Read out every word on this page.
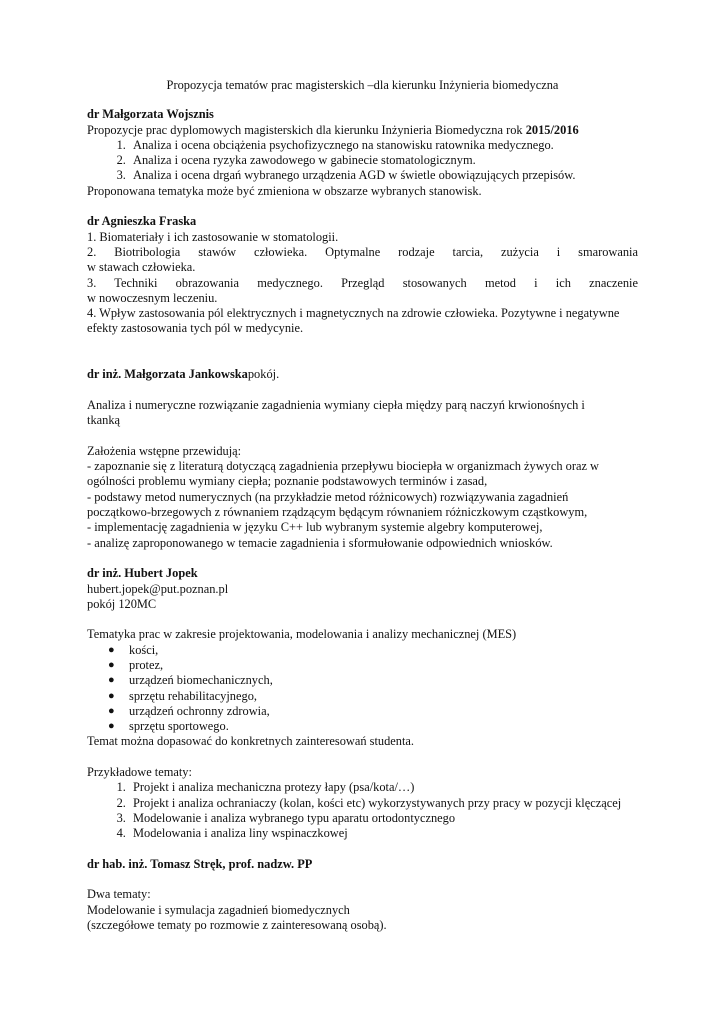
Propozycja tematów prac magisterskich –dla kierunku Inżynieria biomedyczna

dr Małgorzata Wojsznis

Propozycje prac dyplomowych magisterskich dla kierunku Inżynieria Biomedyczna rok 2015/2016

1. Analiza i ocena obciążenia psychofizycznego na stanowisku ratownika medycznego.
2. Analiza i ocena ryzyka zawodowego w gabinecie stomatologicznym.
3. Analiza i ocena drgań wybranego urządzenia AGD w świetle obowiązujących przepisów.

Proponowana tematyka może być zmieniona w obszarze wybranych stanowisk.

dr Agnieszka Fraska

1. Biomateriały i ich zastosowanie w stomatologii.

2. Biotribologia stawów człowieka. Optymalne rodzaje tarcia, zużycia i smarowania

w stawach człowieka.

3. Techniki obrazowania medycznego. Przegląd stosowanych metod i ich znaczenie

w nowoczesnym leczeniu.

4. Wpływ zastosowania pól elektrycznych i magnetycznych na zdrowie człowieka. Pozytywne i negatywne

efekty zastosowania tych pól w medycynie.

dr inż. Małgorzata Jankowskapokój.

Analiza i numeryczne rozwiązanie zagadnienia wymiany ciepła między parą naczyń krwionośnych i

tkanką

Założenia wstępne przewidują:

- zapoznanie się z literaturą dotyczącą zagadnienia przepływu biociepła w organizmach żywych oraz w

ogólności problemu wymiany ciepła; poznanie podstawowych terminów i zasad,

- podstawy metod numerycznych (na przykładzie metod różnicowych) rozwiązywania zagadnień

początkowo-brzegowych z równaniem rządzącym będącym równaniem różniczkowym cząstkowym,

- implementację zagadnienia w języku C++ lub wybranym systemie algebry komputerowej,

- analizę zaproponowanego w temacie zagadnienia i sformułowanie odpowiednich wniosków.

dr inż. Hubert Jopek

hubert.jopek@put.poznan.pl

pokój 120MC

Tematyka prac w zakresie projektowania, modelowania i analizy mechanicznej (MES)

● kości,
● protez,
● urządzeń biomechanicznych,
● sprzętu rehabilitacyjnego,
● urządzeń ochronny zdrowia,
● sprzętu sportowego.

Temat można dopasować do konkretnych zainteresowań studenta.

Przykładowe tematy:

1. Projekt i analiza mechaniczna protezy łapy (psa/kota/…)
2. Projekt i analiza ochraniaczy (kolan, kości etc) wykorzystywanych przy pracy w pozycji klęczącej
3. Modelowanie i analiza wybranego typu aparatu ortodontycznego
4. Modelowania i analiza liny wspinaczkowej

dr hab. inż. Tomasz Stręk, prof. nadzw. PP

Dwa tematy:

Modelowanie i symulacja zagadnień biomedycznych

(szczegółowe tematy po rozmowie z zainteresowaną osobą).
